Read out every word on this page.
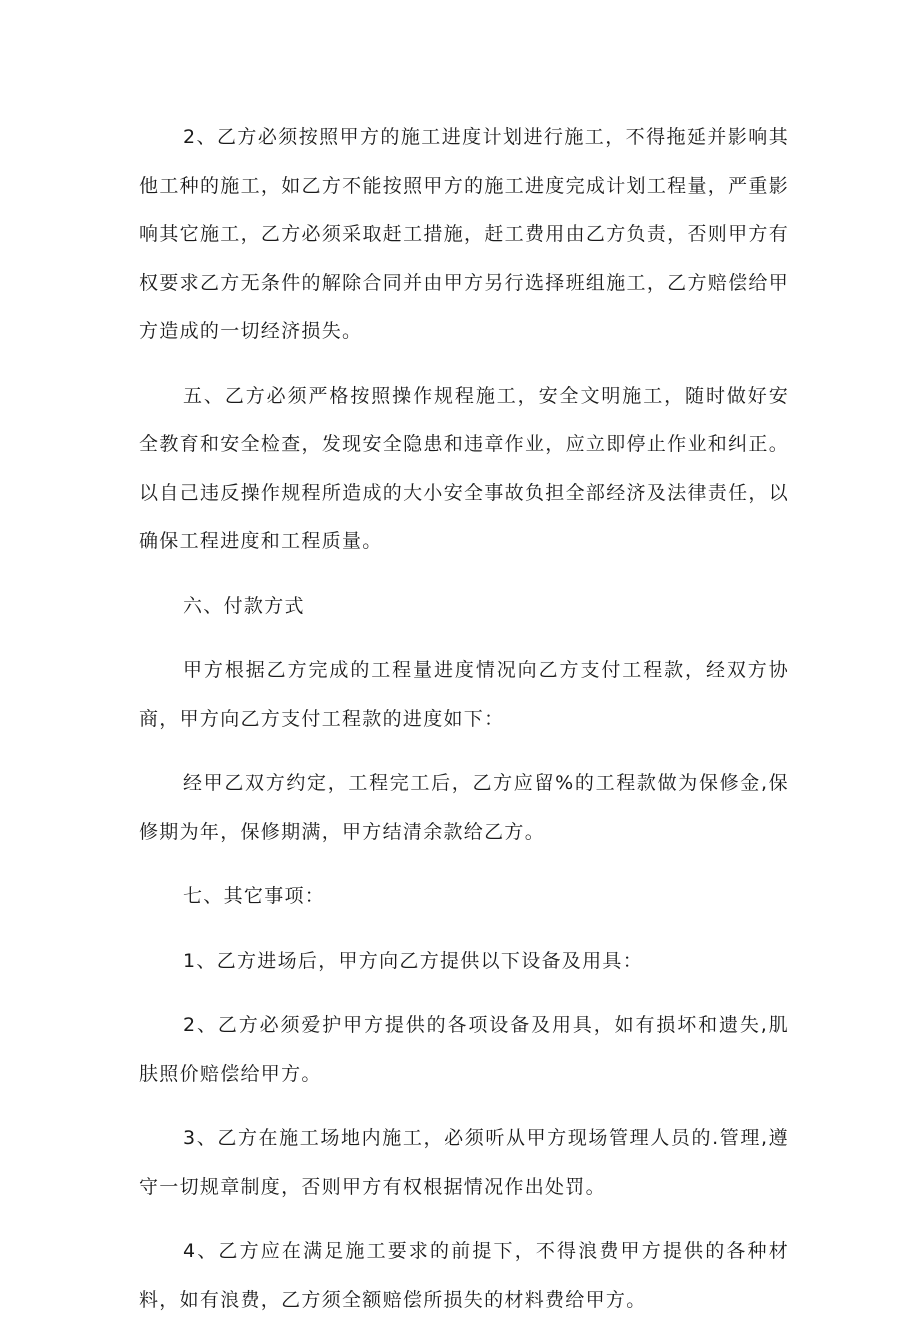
2、乙方必须按照甲方的施工进度计划进行施工，不得拖延并影响其他工种的施工，如乙方不能按照甲方的施工进度完成计划工程量，严重影响其它施工，乙方必须采取赶工措施，赶工费用由乙方负责，否则甲方有权要求乙方无条件的解除合同并由甲方另行选择班组施工，乙方赔偿给甲方造成的一切经济损失。

五、乙方必须严格按照操作规程施工，安全文明施工，随时做好安全教育和安全检查，发现安全隐患和违章作业，应立即停止作业和纠正。以自己违反操作规程所造成的大小安全事故负担全部经济及法律责任，以确保工程进度和工程质量。

六、付款方式

甲方根据乙方完成的工程量进度情况向乙方支付工程款，经双方协商，甲方向乙方支付工程款的进度如下：

经甲乙双方约定，工程完工后，乙方应留%的工程款做为保修金,保修期为年，保修期满，甲方结清余款给乙方。

七、其它事项：

1、乙方进场后，甲方向乙方提供以下设备及用具：

2、乙方必须爱护甲方提供的各项设备及用具，如有损坏和遗失,肌肤照价赔偿给甲方。

3、乙方在施工场地内施工，必须听从甲方现场管理人员的.管理,遵守一切规章制度，否则甲方有权根据情况作出处罚。

4、乙方应在满足施工要求的前提下，不得浪费甲方提供的各种材料，如有浪费，乙方须全额赔偿所损失的材料费给甲方。
